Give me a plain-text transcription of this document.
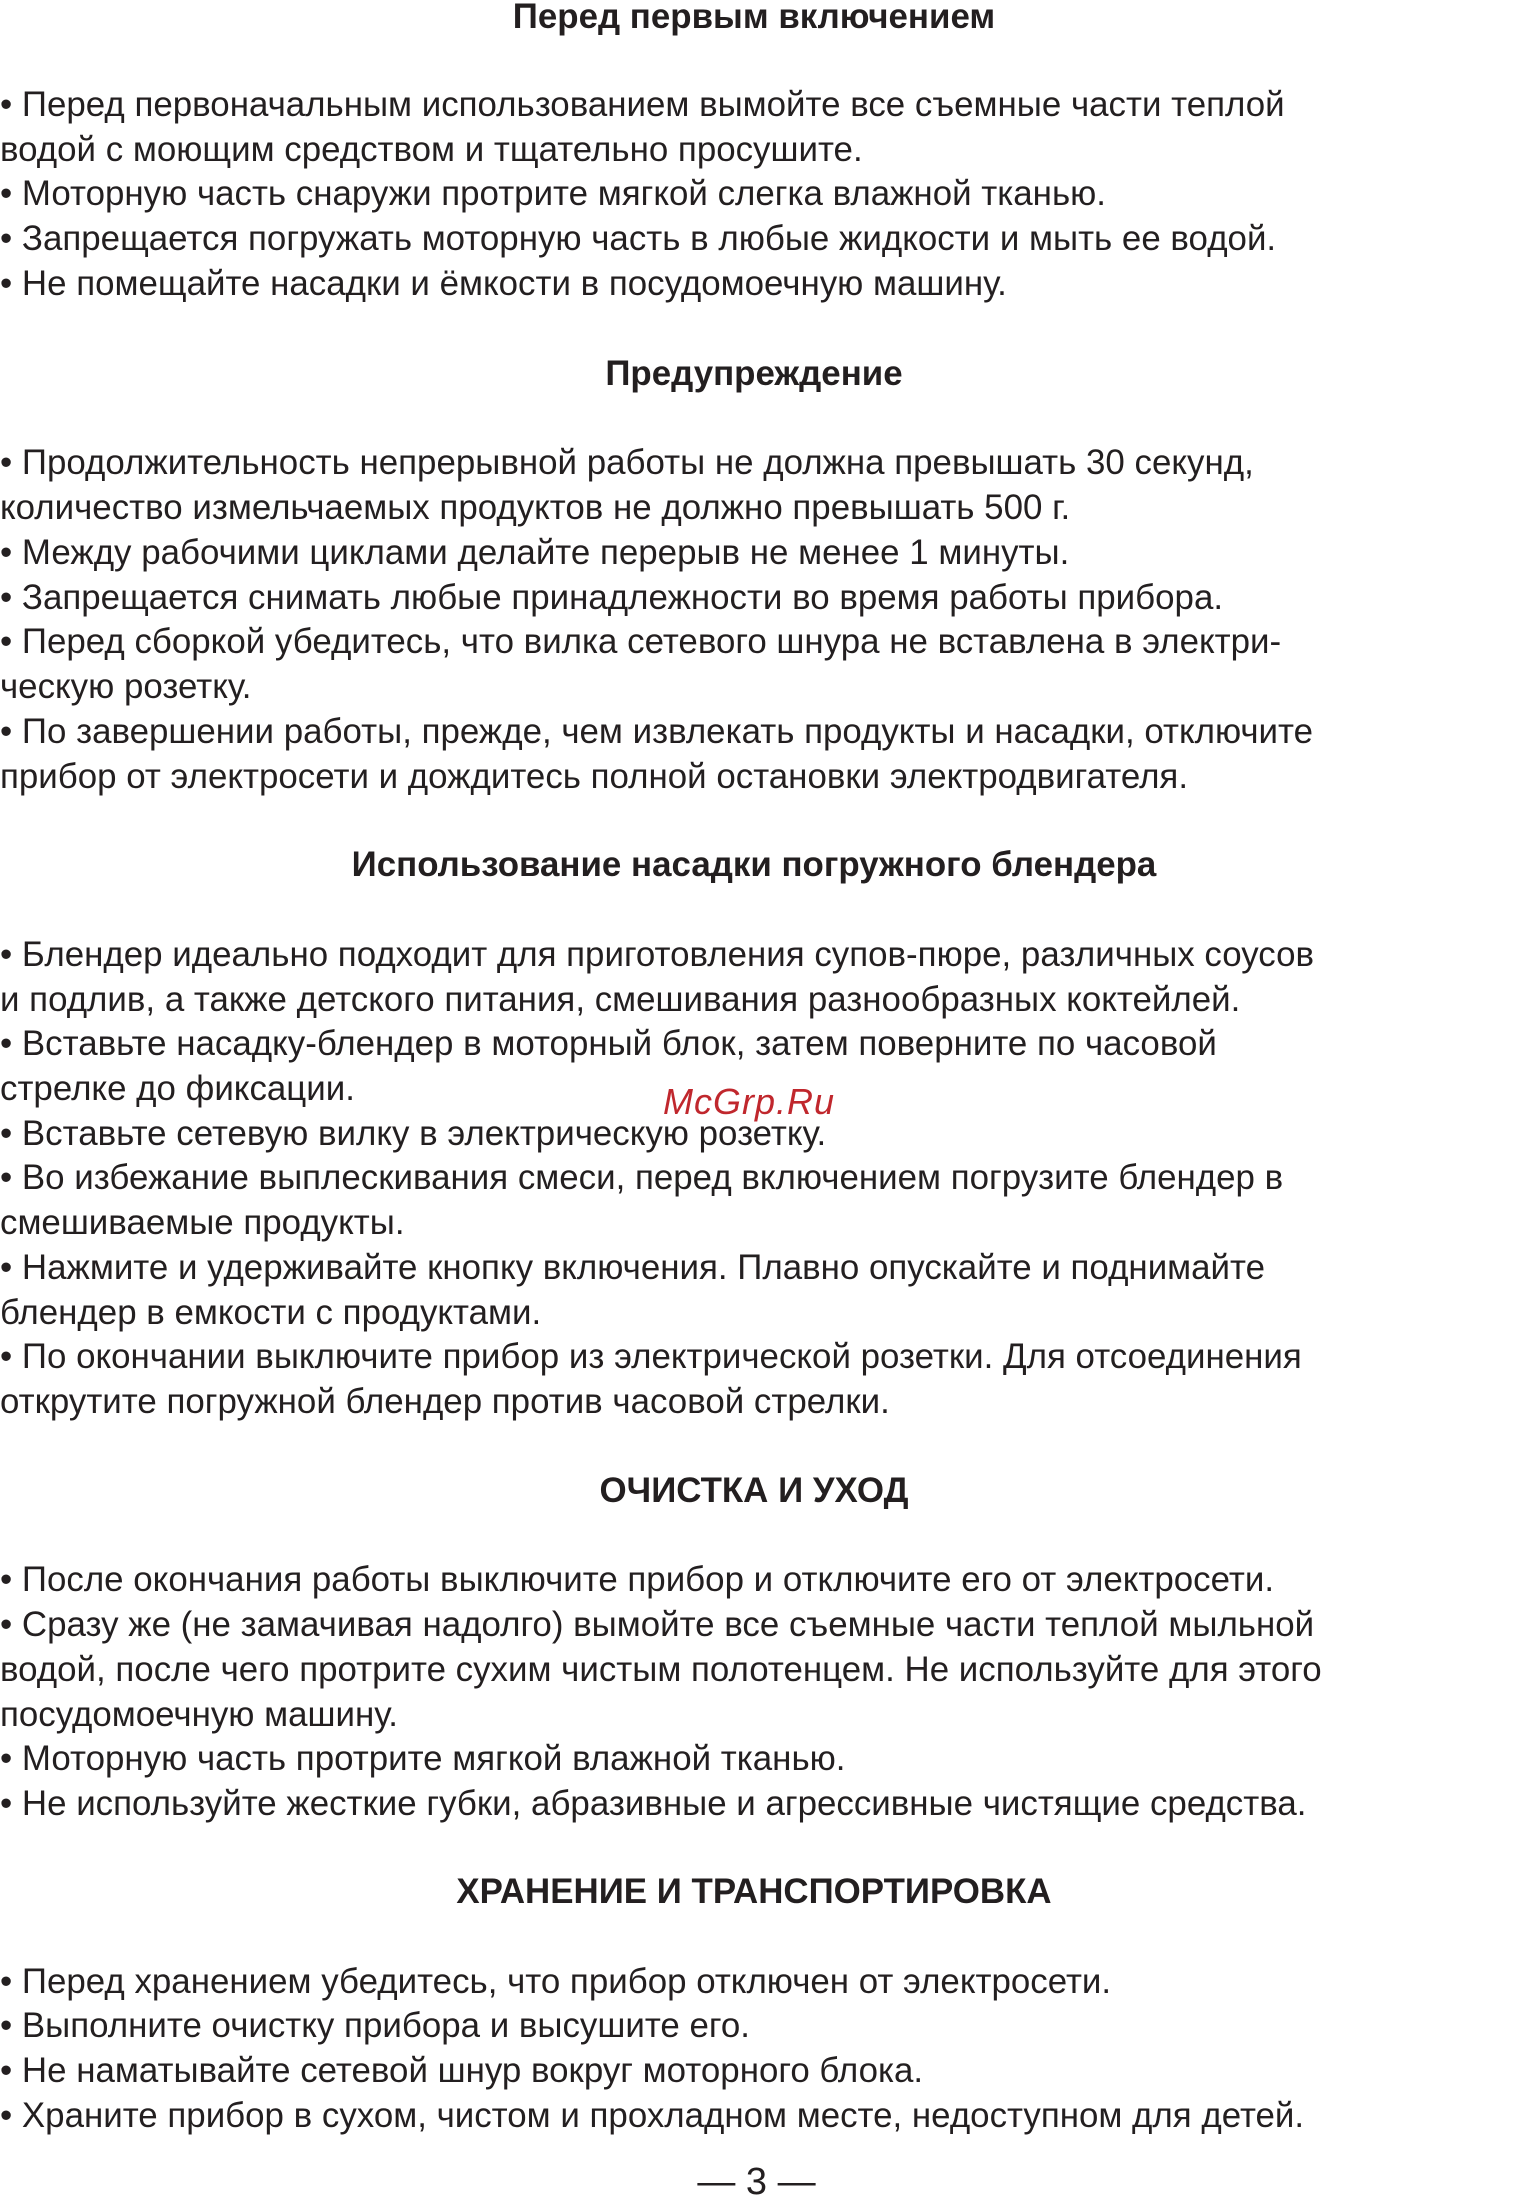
Перед первым включением

• Перед первоначальным использованием вымойте все съемные части теплой
водой с моющим средством и тщательно просушите.

• Моторную часть снаружи протрите мягкой слегка влажной тканью.

• Запрещается погружать моторную часть в любые жидкости и мыть ее водой.

• Не помещайте насадки и ёмкости в посудомоечную машину.

Предупреждение

• Продолжительность непрерывной работы не должна превышать 30 секунд,
количество измельчаемых продуктов не должно превышать 500 г.

• Между рабочими циклами делайте перерыв не менее 1 минуты.

• Запрещается снимать любые принадлежности во время работы прибора.

• Перед сборкой убедитесь, что вилка сетевого шнура не вставлена в электри-
ческую розетку.

• По завершении работы, прежде, чем извлекать продукты и насадки, отключите
прибор от электросети и дождитесь полной остановки электродвигателя.

Использование насадки погружного блендера

• Блендер идеально подходит для приготовления супов-пюре, различных соусов
и подлив, а также детского питания, смешивания разнообразных коктейлей.

• Вставьте насадку-блендер в моторный блок, затем поверните по часовой
стрелке до фиксации.

• Вставьте сетевую вилку в электрическую розетку.

• Во избежание выплескивания смеси, перед включением погрузите блендер в
смешиваемые продукты.

• Нажмите и удерживайте кнопку включения. Плавно опускайте и поднимайте
блендер в емкости с продуктами.

• По окончании выключите прибор из электрической розетки. Для отсоединения
открутите погружной блендер против часовой стрелки.

ОЧИСТКА И УХОД

• После окончания работы выключите прибор и отключите его от электросети.

• Сразу же (не замачивая надолго) вымойте все съемные части теплой мыльной
водой, после чего протрите сухим чистым полотенцем. Не используйте для этого
посудомоечную машину.

• Моторную часть протрите мягкой влажной тканью.

• Не используйте жесткие губки, абразивные и агрессивные чистящие средства.

ХРАНЕНИЕ И ТРАНСПОРТИРОВКА

• Перед хранением убедитесь, что прибор отключен от электросети.

• Выполните очистку прибора и высушите его.

• Не наматывайте сетевой шнур вокруг моторного блока.

• Храните прибор в сухом, чистом и прохладном месте, недоступном для детей.

McGrp.Ru
— 3 —
